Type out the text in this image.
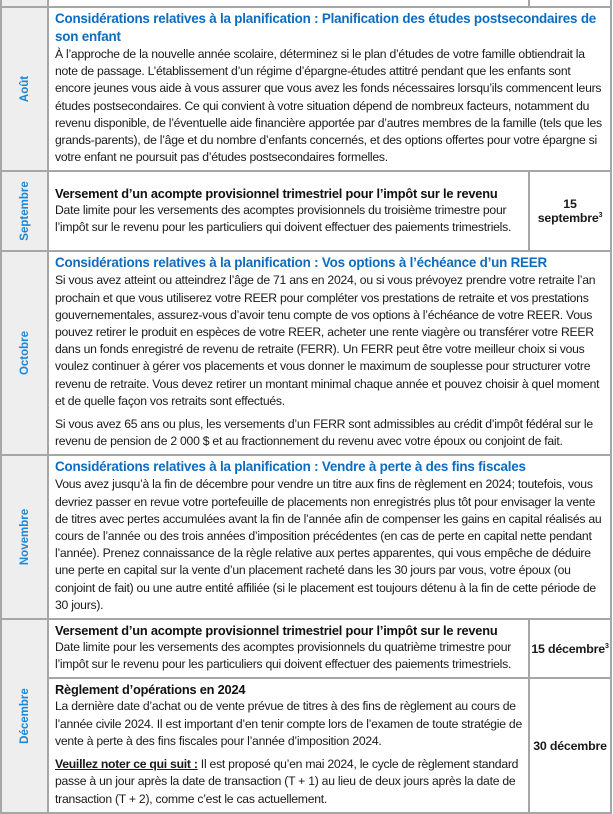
Août	Considérations relatives à la planification : Planification des études postsecondaires de son enfant

À l’approche de la nouvelle année scolaire, déterminez si le plan d’études de votre famille obtiendrait la note de passage. L’établissement d’un régime d’épargne-études attitré pendant que les enfants sont encore jeunes vous aide à vous assurer que vous avez les fonds nécessaires lorsqu’ils commencent leurs études postsecondaires. Ce qui convient à votre situation dépend de nombreux facteurs, notamment du revenu disponible, de l’éventuelle aide financière apportée par d’autres membres de la famille (tels que les grands-parents), de l’âge et du nombre d’enfants concernés, et des options offertes pour votre épargne si votre enfant ne poursuit pas d’études postsecondaires formelles.	

Septembre	Versement d’un acompte provisionnel trimestriel pour l’impôt sur le revenu

Date limite pour les versements des acomptes provisionnels du troisième trimestre pour l’impôt sur le revenu pour les particuliers qui doivent effectuer des paiements trimestriels.	15 septembre$^3$

Octobre	Considérations relatives à la planification : Vos options à l’échéance d’un REER

Si vous avez atteint ou atteindrez l’âge de 71 ans en 2024, ou si vous prévoyez prendre votre retraite l’an prochain et que vous utiliserez votre REER pour compléter vos prestations de retraite et vos prestations gouvernementales, assurez-vous d’avoir tenu compte de vos options à l’échéance de votre REER. Vous pouvez retirer le produit en espèces de votre REER, acheter une rente viagère ou transférer votre REER dans un fonds enregistré de revenu de retraite (FERR). Un FERR peut être votre meilleur choix si vous voulez continuer à gérer vos placements et vous donner le maximum de souplesse pour structurer votre revenu de retraite. Vous devez retirer un montant minimal chaque année et pouvez choisir à quel moment et de quelle façon vos retraits sont effectués.

Si vous avez 65 ans ou plus, les versements d’un FERR sont admissibles au crédit d’impôt fédéral sur le revenu de pension de 2 000 $ et au fractionnement du revenu avec votre époux ou conjoint de fait.	

Novembre	Considérations relatives à la planification : Vendre à perte à des fins fiscales

Vous avez jusqu’à la fin de décembre pour vendre un titre aux fins de règlement en 2024; toutefois, vous devriez passer en revue votre portefeuille de placements non enregistrés plus tôt pour envisager la vente de titres avec pertes accumulées avant la fin de l’année afin de compenser les gains en capital réalisés au cours de l’année ou des trois années d’imposition précédentes (en cas de perte en capital nette pendant l’année). Prenez connaissance de la règle relative aux pertes apparentes, qui vous empêche de déduire une perte en capital sur la vente d’un placement racheté dans les 30 jours par vous, votre époux (ou conjoint de fait) ou une autre entité affiliée (si le placement est toujours détenu à la fin de cette période de 30 jours).	

Décembre	Versement d’un acompte provisionnel trimestriel pour l’impôt sur le revenu

Date limite pour les versements des acomptes provisionnels du quatrième trimestre pour l’impôt sur le revenu pour les particuliers qui doivent effectuer des paiements trimestriels.	15 décembre$^3$

	Règlement d’opérations en 2024

La dernière date d’achat ou de vente prévue de titres à des fins de règlement au cours de l’année civile 2024. Il est important d’en tenir compte lors de l’examen de toute stratégie de vente à perte à des fins fiscales pour l’année d’imposition 2024.

Veuillez noter ce qui suit : Il est proposé qu’en mai 2024, le cycle de règlement standard passe à un jour après la date de transaction (T + 1) au lieu de deux jours après la date de transaction (T + 2), comme c’est le cas actuellement.	30 décembre
